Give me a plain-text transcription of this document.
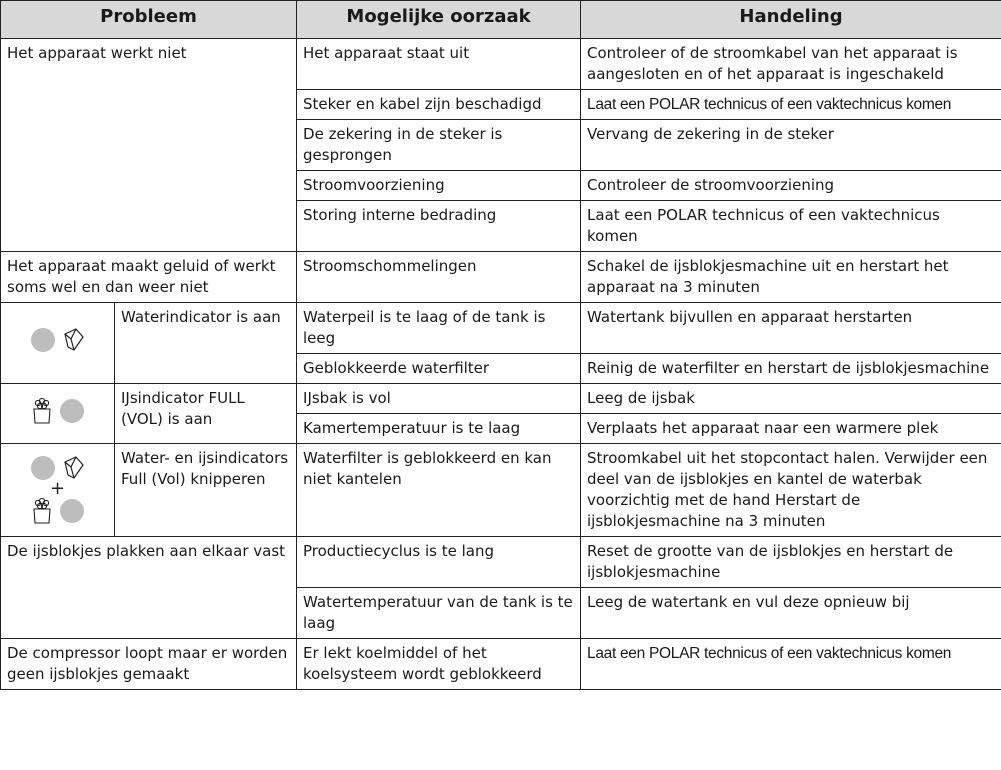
Probleem		Mogelijke oorzaak	Handeling
Het apparaat werkt niet		Het apparaat staat uit	Controleer of de stroomkabel van het apparaat is aangesloten en of het apparaat is ingeschakeld
		Steker en kabel zijn beschadigd	Laat een POLAR technicus of een vaktechnicus komen
		De zekering in de steker is gesprongen	Vervang de zekering in de steker
		Stroomvoorziening	Controleer de stroomvoorziening
		Storing interne bedrading	Laat een POLAR technicus of een vaktechnicus komen
Het apparaat maakt geluid of werkt soms wel en dan weer niet		Stroomschommelingen	Schakel de ijsblokjesmachine uit en herstart het apparaat na 3 minuten

	Waterindicator is aan	Waterpeil is te laag of de tank is leeg	Watertank bijvullen en apparaat herstarten
		Geblokkeerde waterfilter	Reinig de waterfilter en herstart de ijsblokjesmachine

	IJsindicator FULL (VOL) is aan	IJsbak is vol	Leeg de ijsbak
		Kamertemperatuur is te laag	Verplaats het apparaat naar een warmere plek

+	Water- en ijsindicators Full (Vol) knipperen	Waterfilter is geblokkeerd en kan niet kantelen	Stroomkabel uit het stopcontact halen. Verwijder een deel van de ijsblokjes en kantel de waterbak voorzichtig met de hand Herstart de ijsblokjesmachine na 3 minuten
De ijsblokjes plakken aan elkaar vast		Productiecyclus is te lang	Reset de grootte van de ijsblokjes en herstart de ijsblokjesmachine
		Watertemperatuur van de tank is te laag	Leeg de watertank en vul deze opnieuw bij
De compressor loopt maar er worden geen ijsblokjes gemaakt		Er lekt koelmiddel of het koelsysteem wordt geblokkeerd	Laat een POLAR technicus of een vaktechnicus komen
